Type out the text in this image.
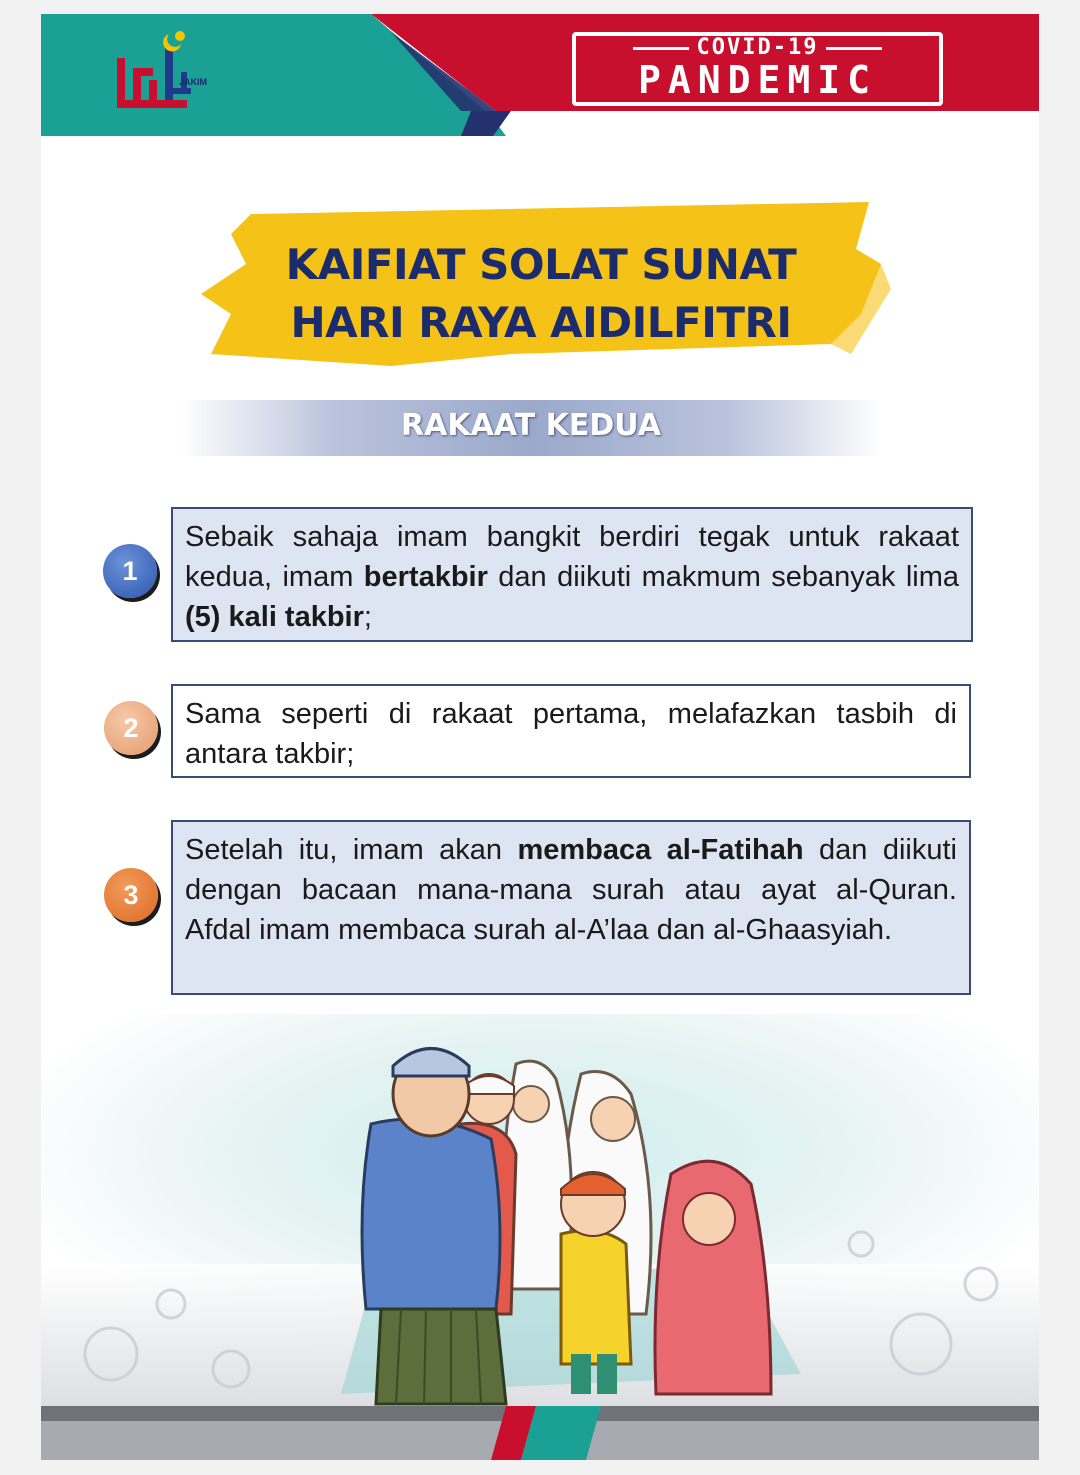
JAKIM
COVID-19
PANDEMIC
KAIFIAT SOLAT SUNAT
HARI RAYA AIDILFITRI
RAKAAT KEDUA
1
Sebaik sahaja imam bangkit berdiri tegak untuk rakaat kedua, imam bertakbir dan diikuti makmum sebanyak lima (5) kali takbir;
2	Sama seperti di rakaat pertama, melafazkan tasbih di antara takbir;
3
Setelah itu, imam akan membaca al-Fatihah dan diikuti dengan bacaan mana-mana surah atau ayat al-Quran. Afdal imam membaca surah al-A’laa dan al-Ghaasyiah.
